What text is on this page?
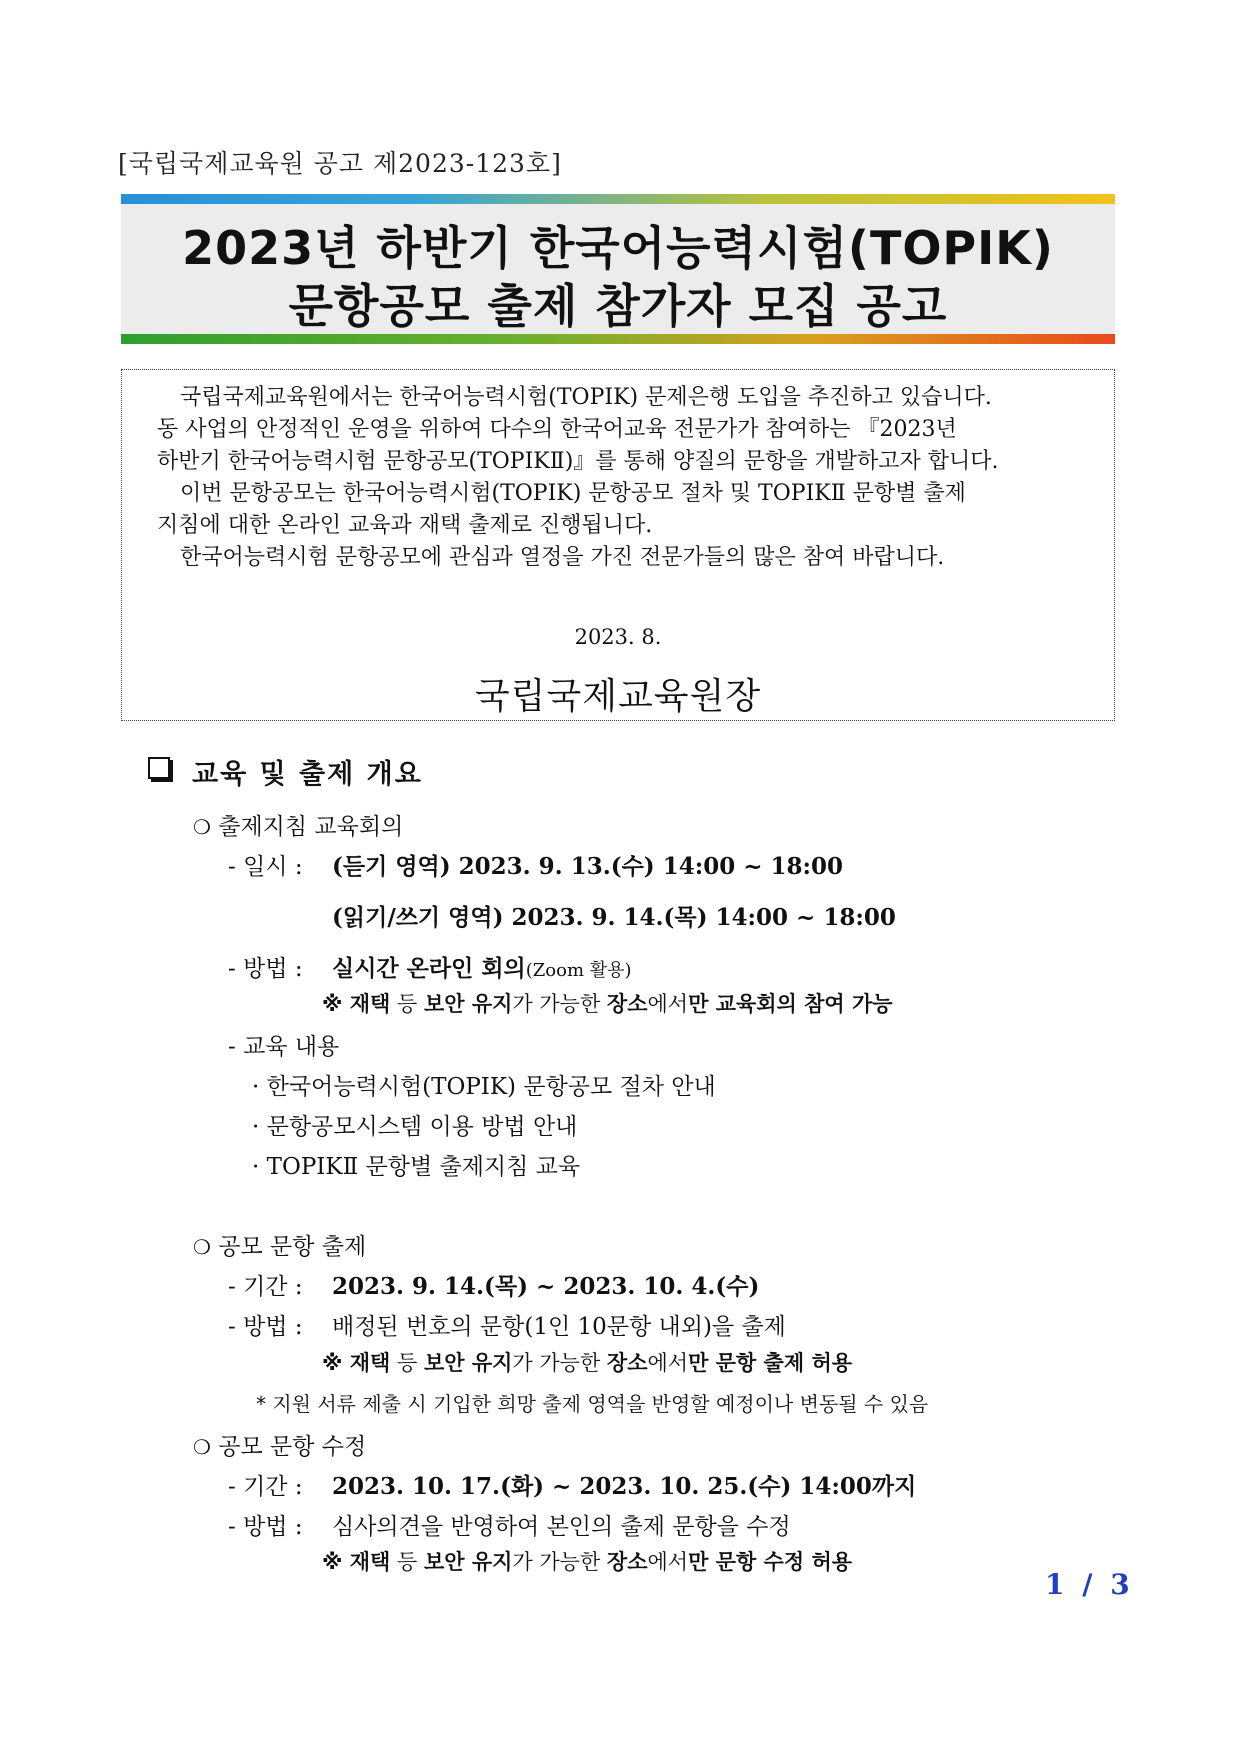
[국립국제교육원 공고 제2023-123호]
2023년 하반기 한국어능력시험(TOPIK)
문항공모 출제 참가자 모집 공고
국립국제교육원에서는 한국어능력시험(TOPIK) 문제은행 도입을 추진하고 있습니다.
동 사업의 안정적인 운영을 위하여 다수의 한국어교육 전문가가 참여하는 『2023년
하반기 한국어능력시험 문항공모(TOPIKⅡ)』를 통해 양질의 문항을 개발하고자 합니다.
이번 문항공모는 한국어능력시험(TOPIK) 문항공모 절차 및 TOPIKⅡ 문항별 출제
지침에 대한 온라인 교육과 재택 출제로 진행됩니다.
한국어능력시험 문항공모에 관심과 열정을 가진 전문가들의 많은 참여 바랍니다.
2023. 8.
국립국제교육원장
교육 및 출제 개요
❍ 출제지침 교육회의
- 일시 : (듣기 영역) 2023. 9. 13.(수) 14:00 ~ 18:00
(읽기/쓰기 영역) 2023. 9. 14.(목) 14:00 ~ 18:00
- 방법 : 실시간 온라인 회의(Zoom 활용)
※ 재택 등 보안 유지가 가능한 장소에서만 교육회의 참여 가능
- 교육 내용
· 한국어능력시험(TOPIK) 문항공모 절차 안내
· 문항공모시스템 이용 방법 안내
· TOPIKⅡ 문항별 출제지침 교육
❍ 공모 문항 출제
- 기간 : 2023. 9. 14.(목) ~ 2023. 10. 4.(수)
- 방법 : 배정된 번호의 문항(1인 10문항 내외)을 출제
※ 재택 등 보안 유지가 가능한 장소에서만 문항 출제 허용
* 지원 서류 제출 시 기입한 희망 출제 영역을 반영할 예정이나 변동될 수 있음
❍ 공모 문항 수정
- 기간 : 2023. 10. 17.(화) ~ 2023. 10. 25.(수) 14:00까지
- 방법 : 심사의견을 반영하여 본인의 출제 문항을 수정
※ 재택 등 보안 유지가 가능한 장소에서만 문항 수정 허용
1 / 3
